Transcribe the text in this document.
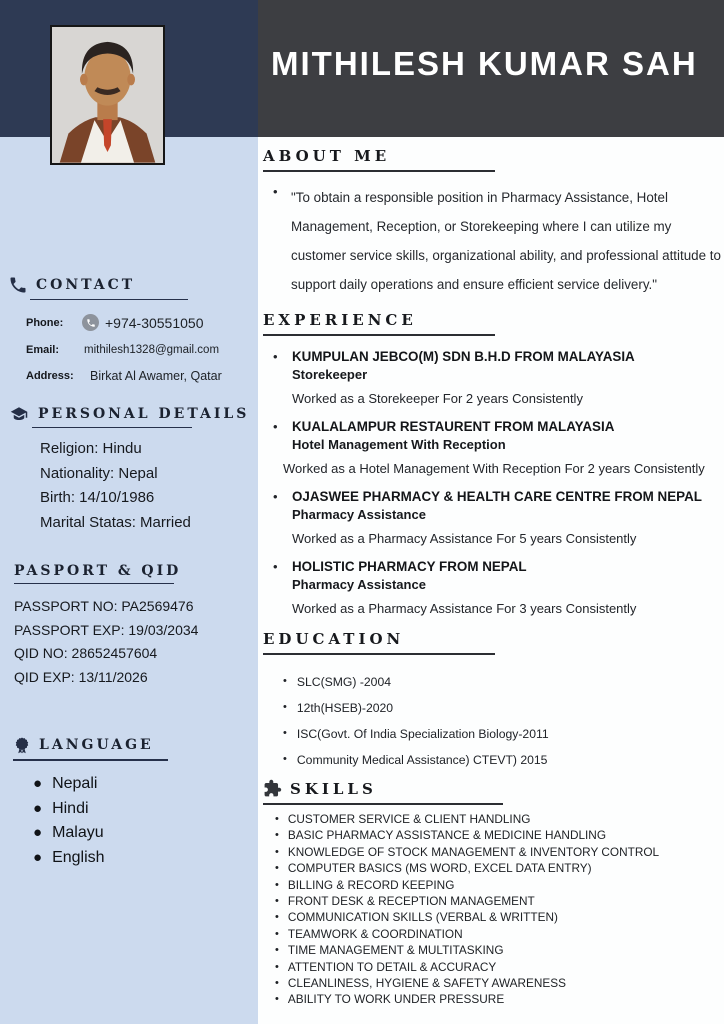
CONTACT
Phone:	+974-30551050
Email:	mithilesh1328@gmail.com
Address: Birkat Al Awamer, Qatar
PERSONAL DETAILS
Religion: Hindu
Nationality: Nepal
Birth: 14/10/1986
Marital Statas: Married
PASPORT & QID
PASSPORT NO: PA2569476
PASSPORT EXP: 19/03/2034
QID NO: 28652457604
QID EXP: 13/11/2026
LANGUAGE
● Nepali
● Hindi
● Malayu
● English
MITHILESH KUMAR SAH
ABOUT ME
•	"To obtain a responsible position in Pharmacy Assistance, Hotel Management, Reception, or Storekeeping where I can utilize my customer service skills, organizational ability, and professional attitude to support daily operations and ensure efficient service delivery."
EXPERIENCE
•	KUMPULAN JEBCO(M) SDN B.H.D FROM MALAYASIA
Storekeeper
Worked as a Storekeeper For 2 years Consistently
•	KUALALAMPUR RESTAURENT FROM MALAYASIA
Hotel Management With Reception
Worked as a Hotel Management With Reception For 2 years Consistently
•	OJASWEE PHARMACY & HEALTH CARE CENTRE FROM NEPAL
Pharmacy Assistance
Worked as a Pharmacy Assistance For 5 years Consistently
•	HOLISTIC PHARMACY FROM NEPAL
Pharmacy Assistance
Worked as a Pharmacy Assistance For 3 years Consistently
EDUCATION
• SLC(SMG) -2004
• 12th(HSEB)-2020
• ISC(Govt. Of India Specialization Biology-2011
• Community Medical Assistance) CTEVT) 2015
SKILLS
• CUSTOMER SERVICE & CLIENT HANDLING
• BASIC PHARMACY ASSISTANCE & MEDICINE HANDLING
• KNOWLEDGE OF STOCK MANAGEMENT & INVENTORY CONTROL
• COMPUTER BASICS (MS WORD, EXCEL DATA ENTRY)
• BILLING & RECORD KEEPING
• FRONT DESK & RECEPTION MANAGEMENT
• COMMUNICATION SKILLS (VERBAL & WRITTEN)
• TEAMWORK & COORDINATION
• TIME MANAGEMENT & MULTITASKING
• ATTENTION TO DETAIL & ACCURACY
• CLEANLINESS, HYGIENE & SAFETY AWARENESS
• ABILITY TO WORK UNDER PRESSURE
